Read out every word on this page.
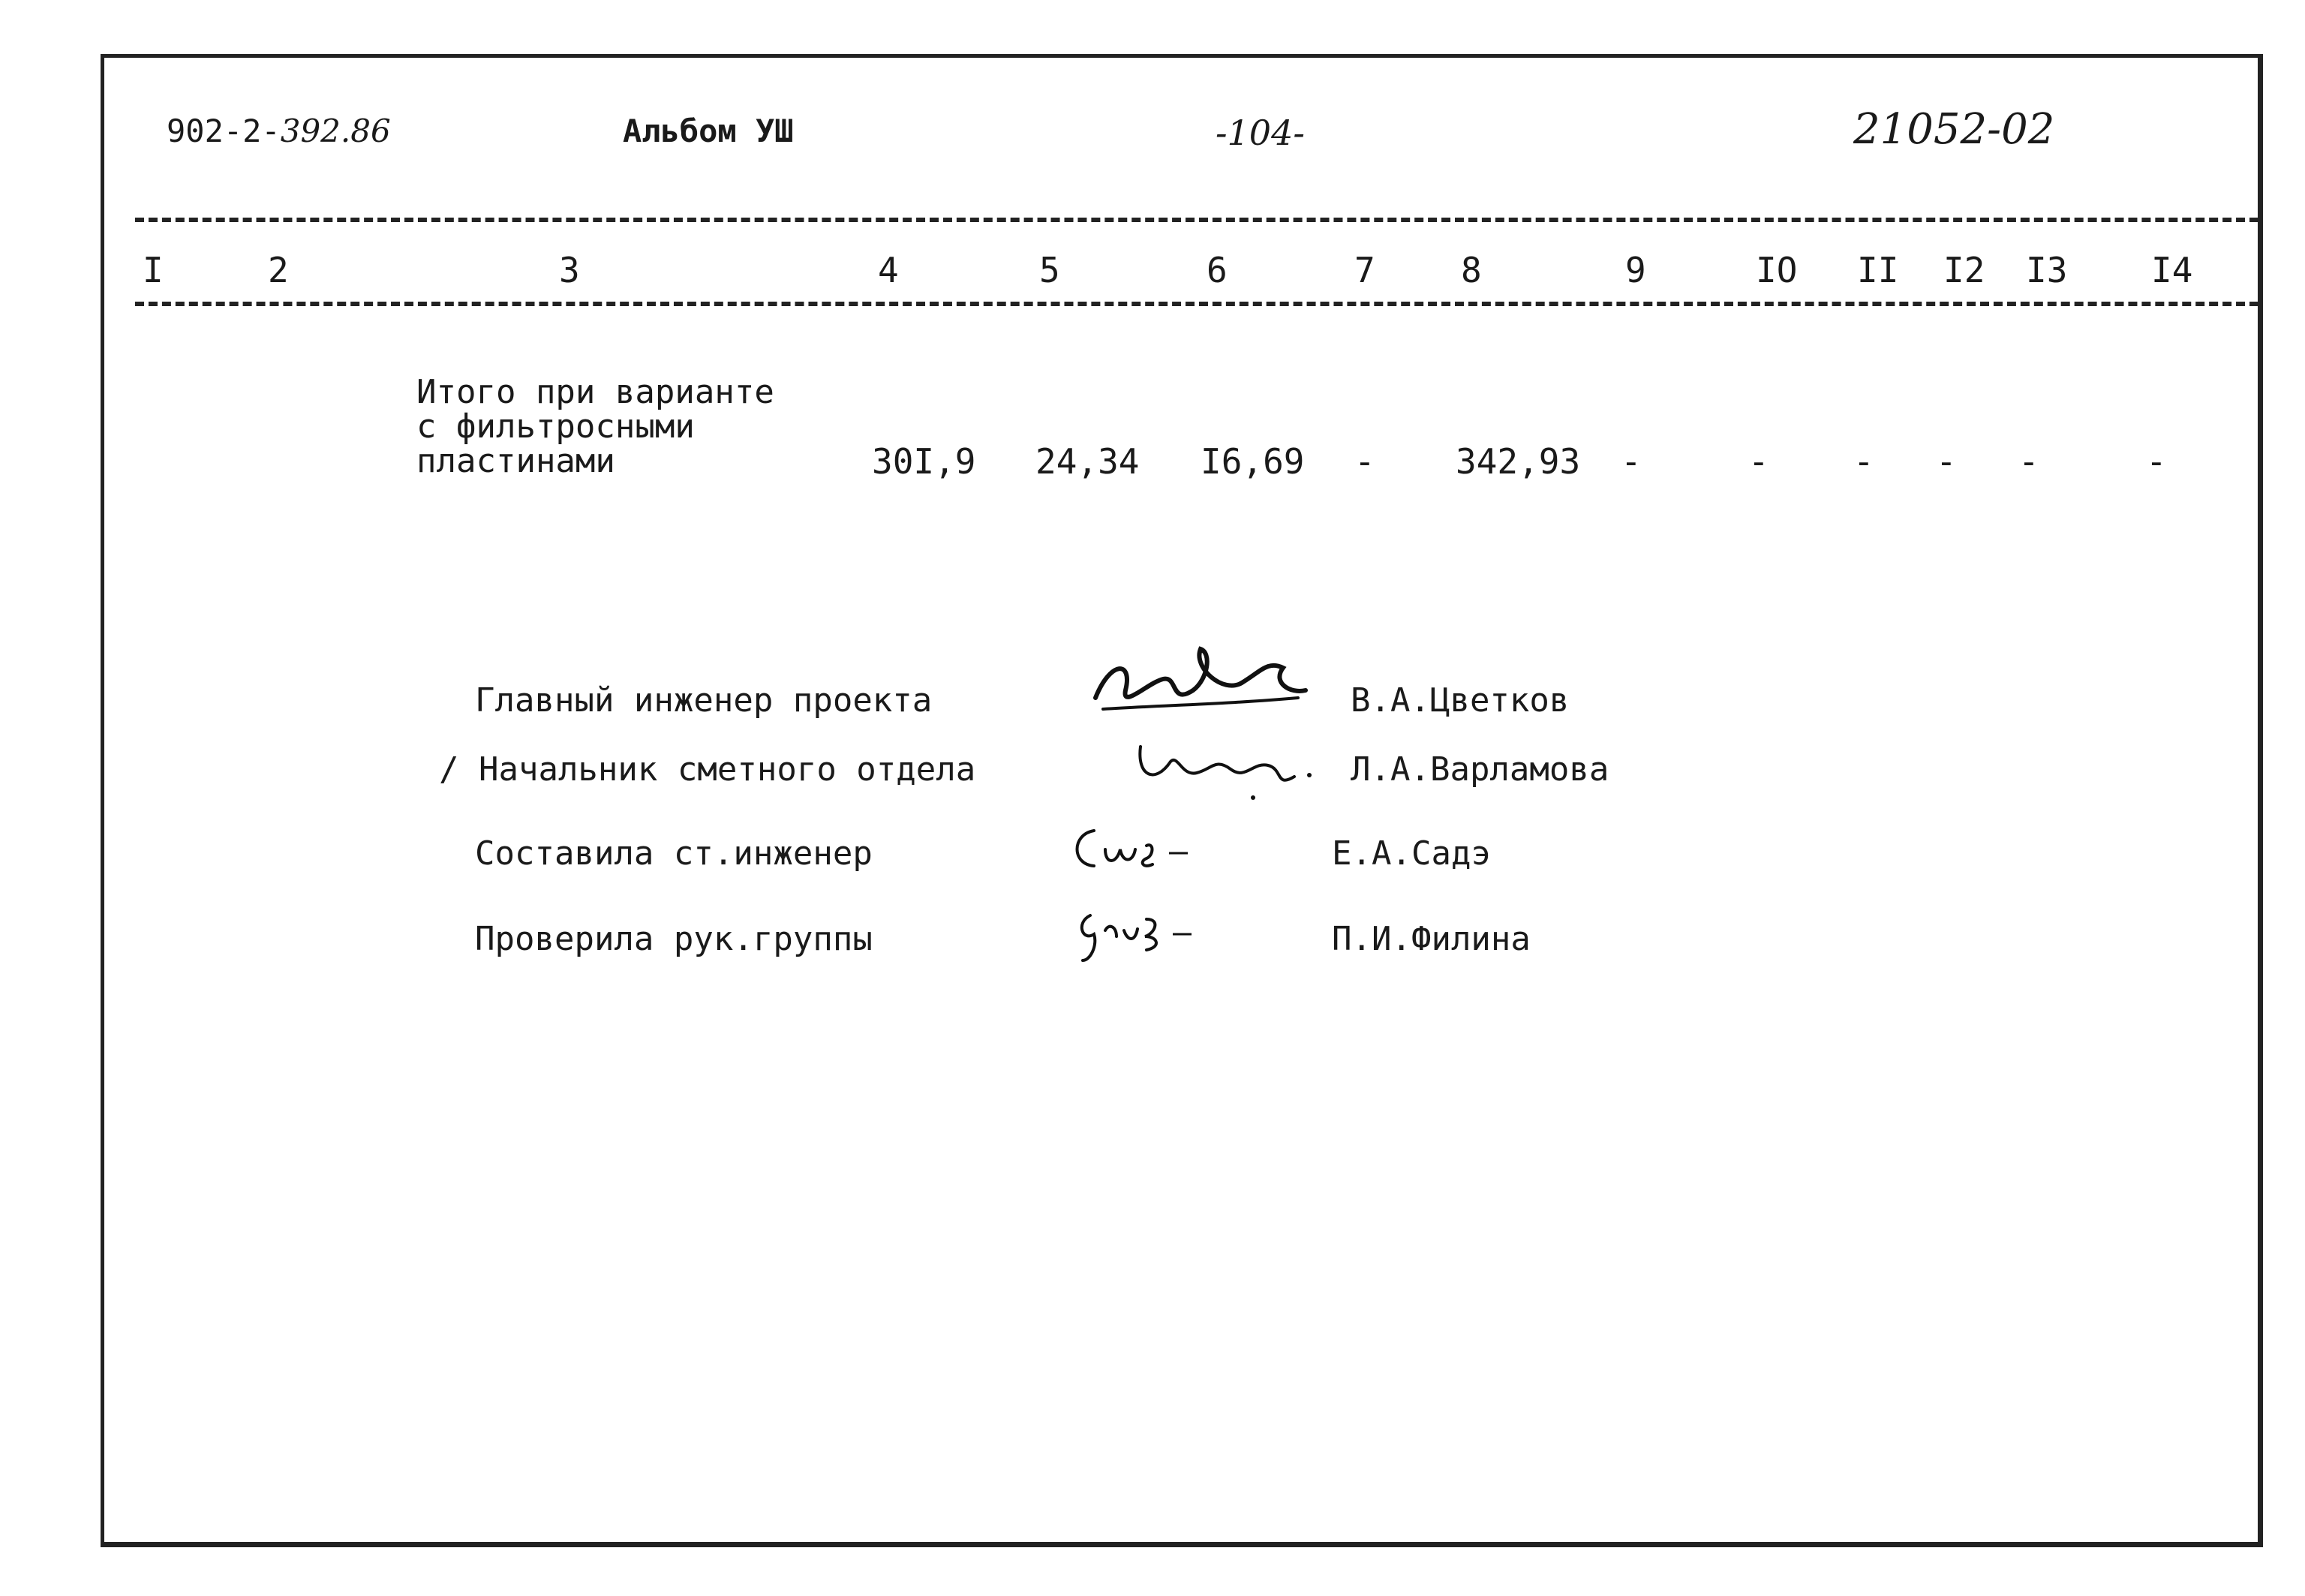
902-2-392.86	Альбом УШ	-104-	21052-02
I	2	3	4	5	6	7 8	9	IO II I2 I3 I4
Итого при варианте
с фильтросными
пластинами	30I,9 24,34 I6,69 - 342,93 -	- - - -	-
Главный инженер проекта
/ Начальник сметного отдела
Составила ст.инженер
Проверила рук.группы
В.А.Цветков
Л.А.Варламова
Е.А.Садэ
П.И.Филина
